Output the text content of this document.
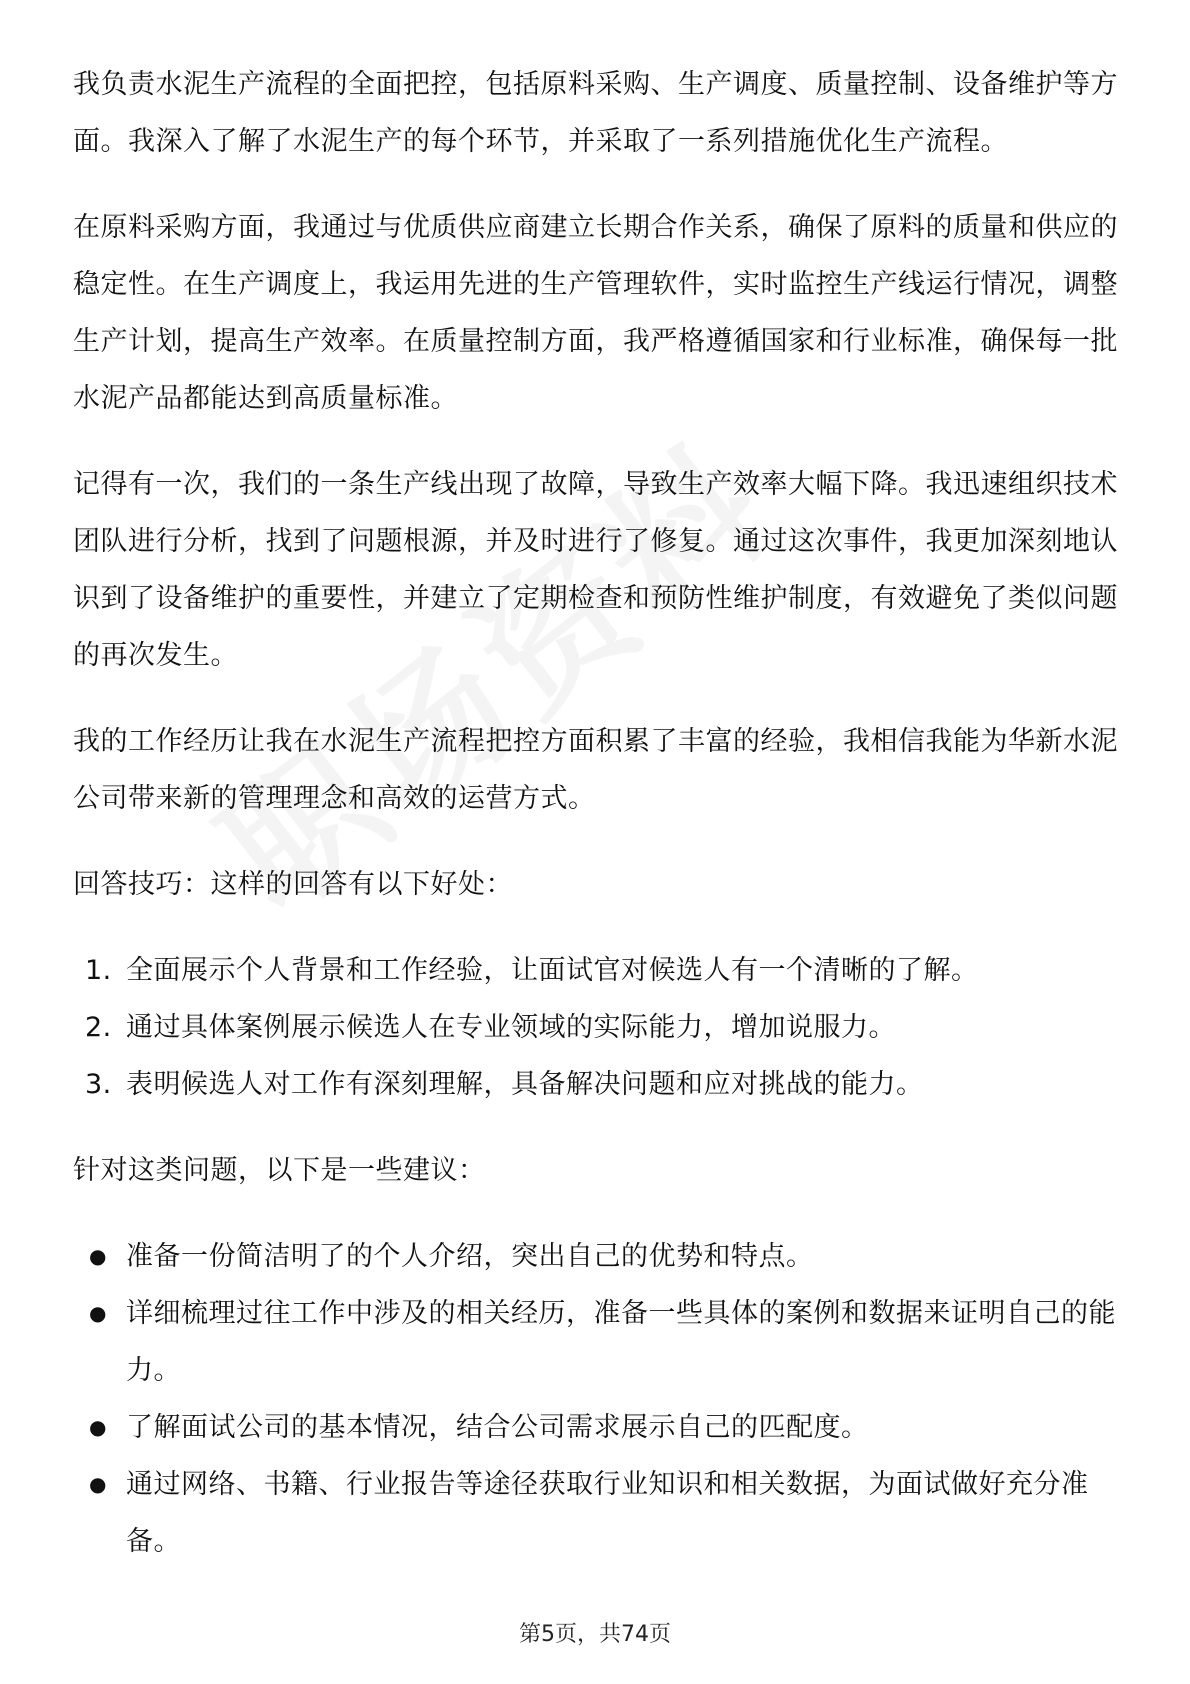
我负责水泥生产流程的全面把控，包括原料采购、生产调度、质量控制、设备维护等方面。我深入了解了水泥生产的每个环节，并采取了一系列措施优化生产流程。

在原料采购方面，我通过与优质供应商建立长期合作关系，确保了原料的质量和供应的稳定性。在生产调度上，我运用先进的生产管理软件，实时监控生产线运行情况，调整生产计划，提高生产效率。在质量控制方面，我严格遵循国家和行业标准，确保每一批水泥产品都能达到高质量标准。

记得有一次，我们的一条生产线出现了故障，导致生产效率大幅下降。我迅速组织技术团队进行分析，找到了问题根源，并及时进行了修复。通过这次事件，我更加深刻地认识到了设备维护的重要性，并建立了定期检查和预防性维护制度，有效避免了类似问题的再次发生。

我的工作经历让我在水泥生产流程把控方面积累了丰富的经验，我相信我能为华新水泥公司带来新的管理理念和高效的运营方式。

回答技巧：这样的回答有以下好处：

1. 全面展示个人背景和工作经验，让面试官对候选人有一个清晰的了解。
2. 通过具体案例展示候选人在专业领域的实际能力，增加说服力。
3. 表明候选人对工作有深刻理解，具备解决问题和应对挑战的能力。

针对这类问题，以下是一些建议：

● 准备一份简洁明了的个人介绍，突出自己的优势和特点。
● 详细梳理过往工作中涉及的相关经历，准备一些具体的案例和数据来证明自己的能力。
● 了解面试公司的基本情况，结合公司需求展示自己的匹配度。
● 通过网络、书籍、行业报告等途径获取行业知识和相关数据，为面试做好充分准备。
第5页，共74页
